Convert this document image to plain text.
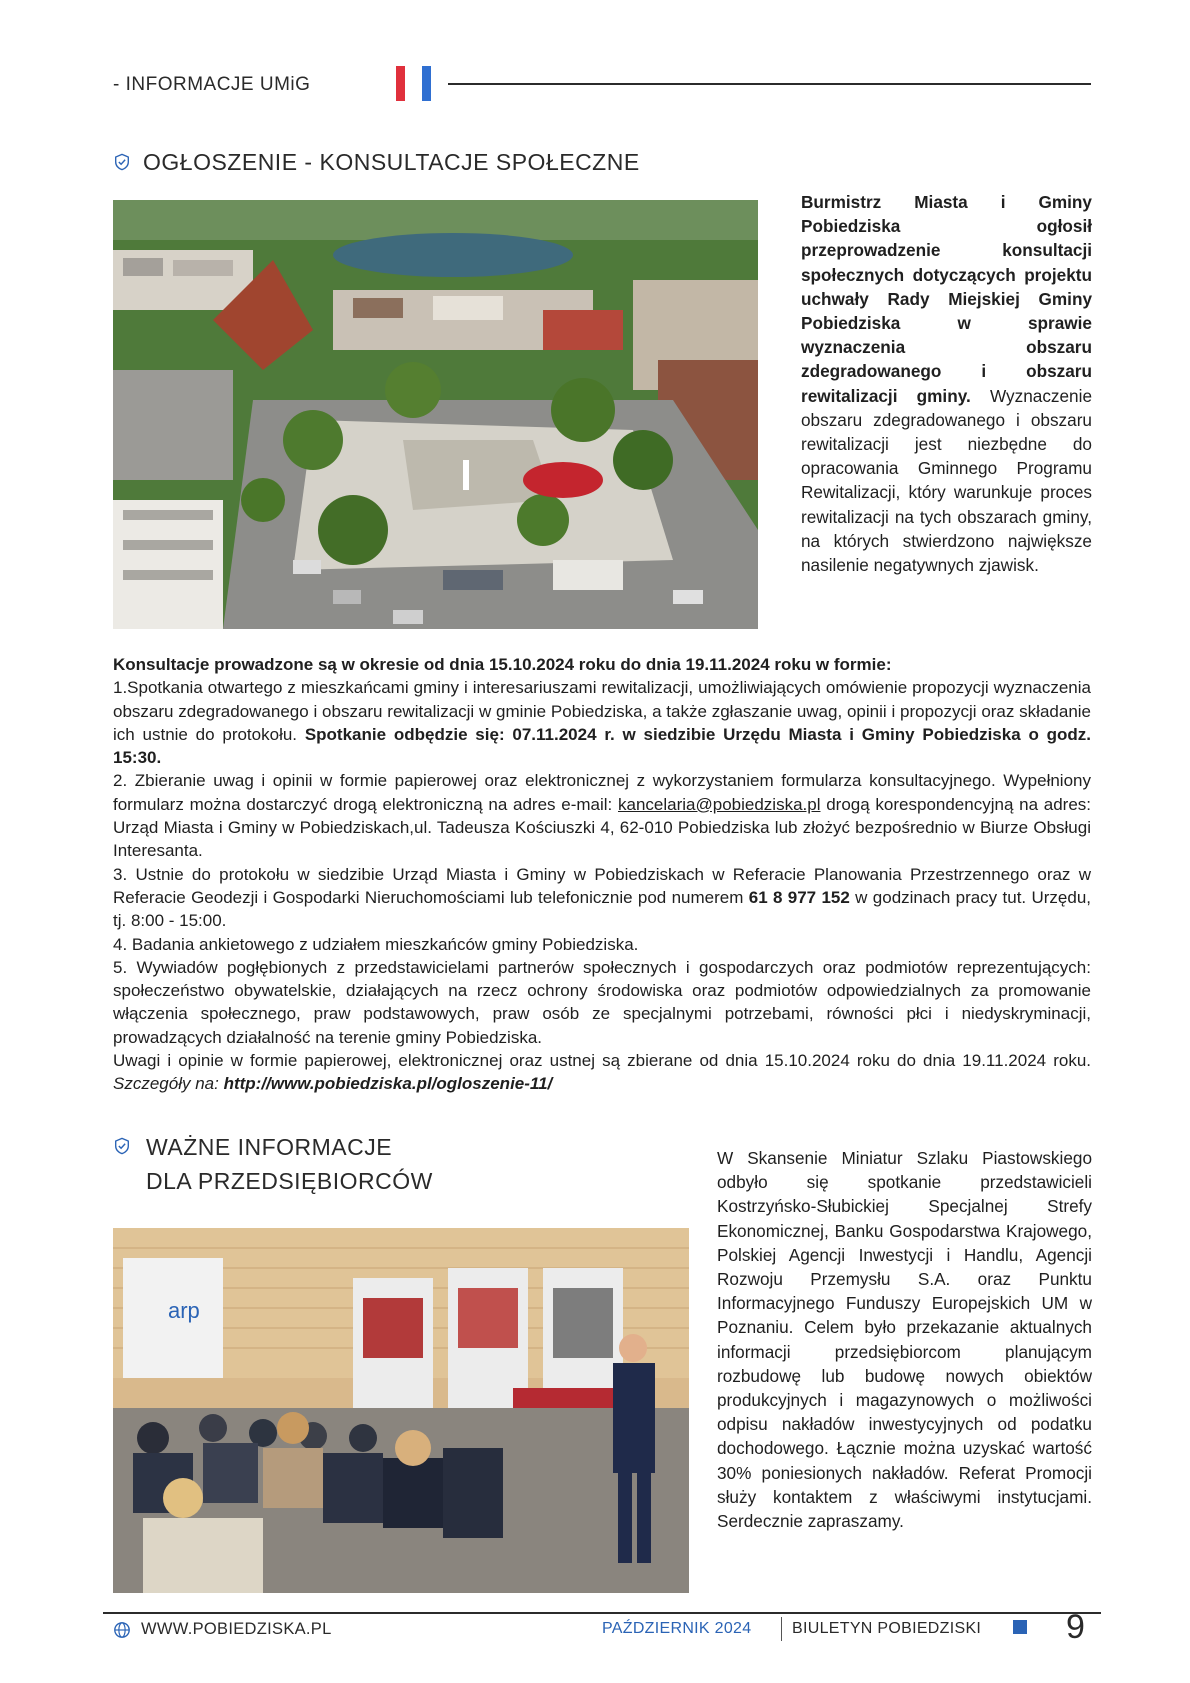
- INFORMACJE UMiG
OGŁOSZENIE - KONSULTACJE SPOŁECZNE
Burmistrz Miasta i Gminy Pobiedziska ogłosił przeprowadzenie konsultacji społecznych dotyczących projektu uchwały Rady Miejskiej Gminy Pobiedziska w sprawie wyznaczenia obszaru zdegradowanego i obszaru rewitalizacji gminy. Wyznaczenie obszaru zdegradowanego i obszaru rewitalizacji jest niezbędne do opracowania Gminnego Programu Rewitalizacji, który warunkuje proces rewitalizacji na tych obszarach gminy, na których stwierdzono największe nasilenie negatywnych zjawisk.

Konsultacje prowadzone są w okresie od dnia 15.10.2024 roku do dnia 19.11.2024 roku w formie:

1.Spotkania otwartego z mieszkańcami gminy i interesariuszami rewitalizacji, umożliwiających omówienie propozycji wyznaczenia obszaru zdegradowanego i obszaru rewitalizacji w gminie Pobiedziska, a także zgłaszanie uwag, opinii i propozycji oraz składanie ich ustnie do protokołu. Spotkanie odbędzie się: 07.11.2024 r. w siedzibie Urzędu Miasta i Gminy Pobiedziska o godz. 15:30.

2. Zbieranie uwag i opinii w formie papierowej oraz elektronicznej z wykorzystaniem formularza konsultacyjnego. Wypełniony formularz można dostarczyć drogą elektroniczną na adres e-mail: kancelaria@pobiedziska.pl drogą korespondencyjną na adres: Urząd Miasta i Gminy w Pobiedziskach,ul. Tadeusza Kościuszki 4, 62-010 Pobiedziska lub złożyć bezpośrednio w Biurze Obsługi Interesanta.

3. Ustnie do protokołu w siedzibie Urząd Miasta i Gminy w Pobiedziskach w Referacie Planowania Przestrzennego oraz w Referacie Geodezji i Gospodarki Nieruchomościami lub telefonicznie pod numerem 61 8 977 152 w godzinach pracy tut. Urzędu, tj. 8:00 - 15:00.

4. Badania ankietowego z udziałem mieszkańców gminy Pobiedziska.

5. Wywiadów pogłębionych z przedstawicielami partnerów społecznych i gospodarczych oraz podmiotów reprezentujących: społeczeństwo obywatelskie, działających na rzecz ochrony środowiska oraz podmiotów odpowiedzialnych za promowanie włączenia społecznego, praw podstawowych, praw osób ze specjalnymi potrzebami, równości płci i niedyskryminacji, prowadzących działalność na terenie gminy Pobiedziska.

Uwagi i opinie w formie papierowej, elektronicznej oraz ustnej są zbierane od dnia 15.10.2024 roku do dnia 19.11.2024 roku. Szczegóły na: http://www.pobiedziska.pl/ogloszenie-11/

WAŻNE INFORMACJE
DLA PRZEDSIĘBIORCÓW
arp
W Skansenie Miniatur Szlaku Piastowskiego odbyło się spotkanie przedstawicieli Kostrzyńsko-Słubickiej Specjalnej Strefy Ekonomicznej, Banku Gospodarstwa Krajowego, Polskiej Agencji Inwestycji i Handlu, Agencji Rozwoju Przemysłu S.A. oraz Punktu Informacyjnego Funduszy Europejskich UM w Poznaniu. Celem było przekazanie aktualnych informacji przedsiębiorcom planującym rozbudowę lub budowę nowych obiektów produkcyjnych i magazynowych o możliwości odpisu nakładów inwestycyjnych od podatku dochodowego. Łącznie można uzyskać wartość 30% poniesionych nakładów. Referat Promocji służy kontaktem z właściwymi instytucjami. Serdecznie zapraszamy.
WWW.POBIEDZISKA.PL	PAŹDZIERNIK 2024	BIULETYN POBIEDZISKI 9
